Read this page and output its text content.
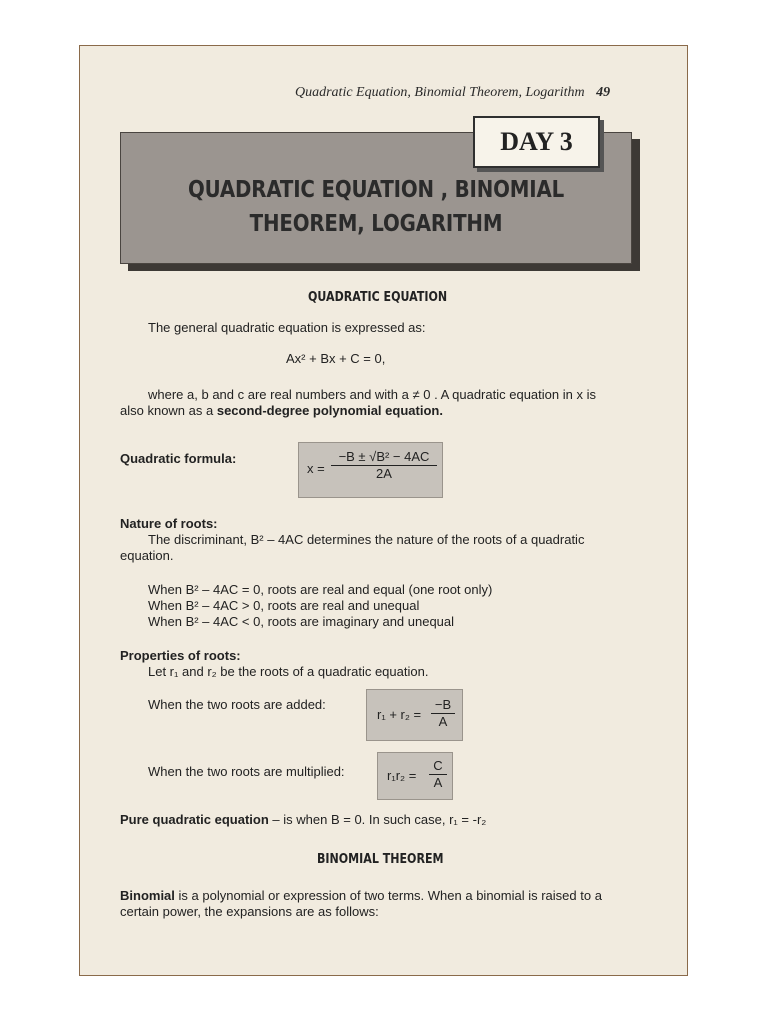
Quadratic Equation, Binomial Theorem, Logarithm 49
QUADRATIC EQUATION , BINOMIAL
THEOREM, LOGARITHM
DAY 3
QUADRATIC EQUATION
The general quadratic equation is expressed as:
Ax² + Bx + C = 0,
where a, b and c are real numbers and with a ≠ 0 . A quadratic equation in x is
also known as a second-degree polynomial equation.
Quadratic formula:
$x = \frac{\text{−B ± √B² − 4AC}}{2A}$
Nature of roots:
The discriminant, B² – 4AC determines the nature of the roots of a quadratic
equation.
When B² – 4AC = 0, roots are real and equal (one root only)
When B² – 4AC > 0, roots are real and unequal
When B² – 4AC < 0, roots are imaginary and unequal
Properties of roots:
Let r₁ and r₂ be the roots of a quadratic equation.
When the two roots are added:
$r_1 + r_2 = \frac{-B}{A}$
When the two roots are multiplied:	$r_1r_2 = \frac{C}{A}$
Pure quadratic equation – is when B = 0. In such case, r₁ = -r₂
BINOMIAL THEOREM
Binomial is a polynomial or expression of two terms. When a binomial is raised to a
certain power, the expansions are as follows:
